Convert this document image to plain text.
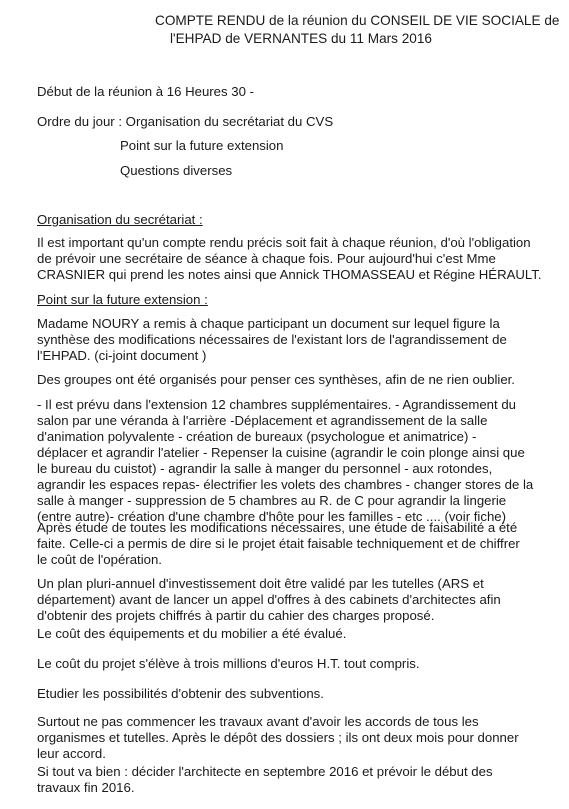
COMPTE RENDU de la réunion du CONSEIL DE VIE SOCIALE de
l'EHPAD de VERNANTES du 11 Mars 2016
Début de la réunion à 16 Heures 30 -
Ordre du jour : Organisation du secrétariat du CVS
Point sur la future extension
Questions diverses
Organisation du secrétariat :

Il est important qu'un compte rendu précis soit fait à chaque réunion, d'où l'obligation
de prévoir une secrétaire de séance à chaque fois. Pour aujourd'hui c'est Mme
CRASNIER qui prend les notes ainsi que Annick THOMASSEAU et Régine HÉRAULT.

Point sur la future extension :

Madame NOURY a remis à chaque participant un document sur lequel figure la
synthèse des modifications nécessaires de l'existant lors de l'agrandissement de
l'EHPAD. (ci-joint document )

Des groupes ont été organisés pour penser ces synthèses, afin de ne rien oublier.

- Il est prévu dans l'extension 12 chambres supplémentaires. - Agrandissement du
salon par une véranda à l'arrière -Déplacement et agrandissement de la salle
d'animation polyvalente - création de bureaux (psychologue et animatrice) -
déplacer et agrandir l'atelier - Repenser la cuisine (agrandir le coin plonge ainsi que
le bureau du cuistot) - agrandir la salle à manger du personnel - aux rotondes,
agrandir les espaces repas- électrifier les volets des chambres - changer stores de la
salle à manger - suppression de 5 chambres au R. de C pour agrandir la lingerie
(entre autre)- création d'une chambre d'hôte pour les familles - etc .... (voir fiche)

Après étude de toutes les modifications nécessaires, une étude de faisabilité a été
faite. Celle-ci a permis de dire si le projet était faisable techniquement et de chiffrer
le coût de l'opération.

Un plan pluri-annuel d'investissement doit être validé par les tutelles (ARS et
département) avant de lancer un appel d'offres à des cabinets d'architectes afin
d'obtenir des projets chiffrés à partir du cahier des charges proposé.

Le coût des équipements et du mobilier a été évalué.

Le coût du projet s'élève à trois millions d'euros H.T. tout compris.

Etudier les possibilités d'obtenir des subventions.

Surtout ne pas commencer les travaux avant d'avoir les accords de tous les
organismes et tutelles. Après le dépôt des dossiers ; ils ont deux mois pour donner
leur accord.

Si tout va bien : décider l'architecte en septembre 2016 et prévoir le début des
travaux fin 2016.
